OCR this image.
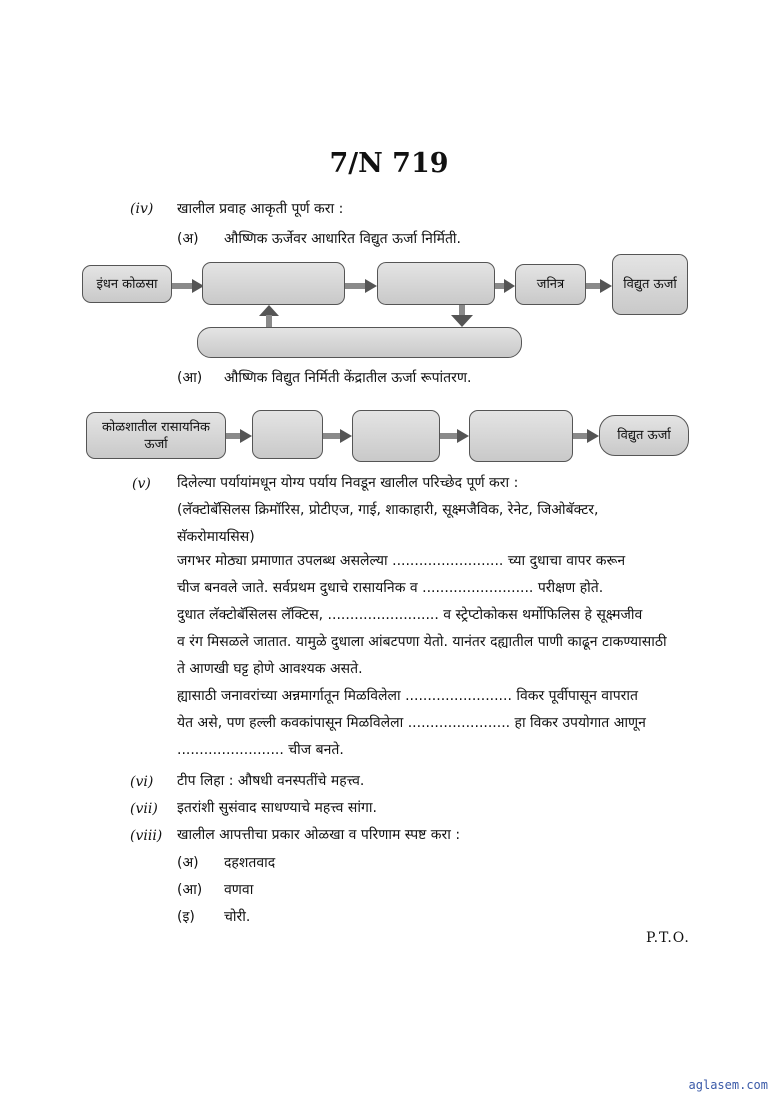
7/N 719
(iv) खालील प्रवाह आकृती पूर्ण करा :
(अ) औष्णिक ऊर्जेवर आधारित विद्युत ऊर्जा निर्मिती.
इंधन कोळसा	जनित्र	विद्युत ऊर्जा
(आ) औष्णिक विद्युत निर्मिती केंद्रातील ऊर्जा रूपांतरण.
कोळशातील रासायनिक ऊर्जा
विद्युत ऊर्जा
(v) दिलेल्या पर्यायांमधून योग्य पर्याय निवडून खालील परिच्छेद पूर्ण करा :
(लॅक्टोबॅसिलस क्रिमॉरिस, प्रोटीएज, गाई, शाकाहारी, सूक्ष्मजैविक, रेनेट, जिओबॅक्टर,
सॅकरोमायसिस)
जगभर मोठ्या प्रमाणात उपलब्ध असलेल्या ......................... च्या दुधाचा वापर करून
चीज बनवले जाते. सर्वप्रथम दुधाचे रासायनिक व ......................... परीक्षण होते.
दुधात लॅक्टोबॅसिलस लॅक्टिस, ......................... व स्ट्रेप्टोकोकस थर्मोफिलिस हे सूक्ष्मजीव
व रंग मिसळले जातात. यामुळे दुधाला आंबटपणा येतो. यानंतर दह्यातील पाणी काढून टाकण्यासाठी
ते आणखी घट्ट होणे आवश्यक असते.
ह्यासाठी जनावरांच्या अन्नमार्गातून मिळविलेला ........................ विकर पूर्वीपासून वापरात
येत असे, पण हल्ली कवकांपासून मिळविलेला ....................... हा विकर उपयोगात आणून
........................ चीज बनते.
(vi) टीप लिहा : औषधी वनस्पतींचे महत्त्व.
(vii) इतरांशी सुसंवाद साधण्याचे महत्त्व सांगा.
(viii) खालील आपत्तीचा प्रकार ओळखा व परिणाम स्पष्ट करा :
(अ) दहशतवाद
(आ) वणवा
(इ) चोरी.
P.T.O.
aglasem.com
